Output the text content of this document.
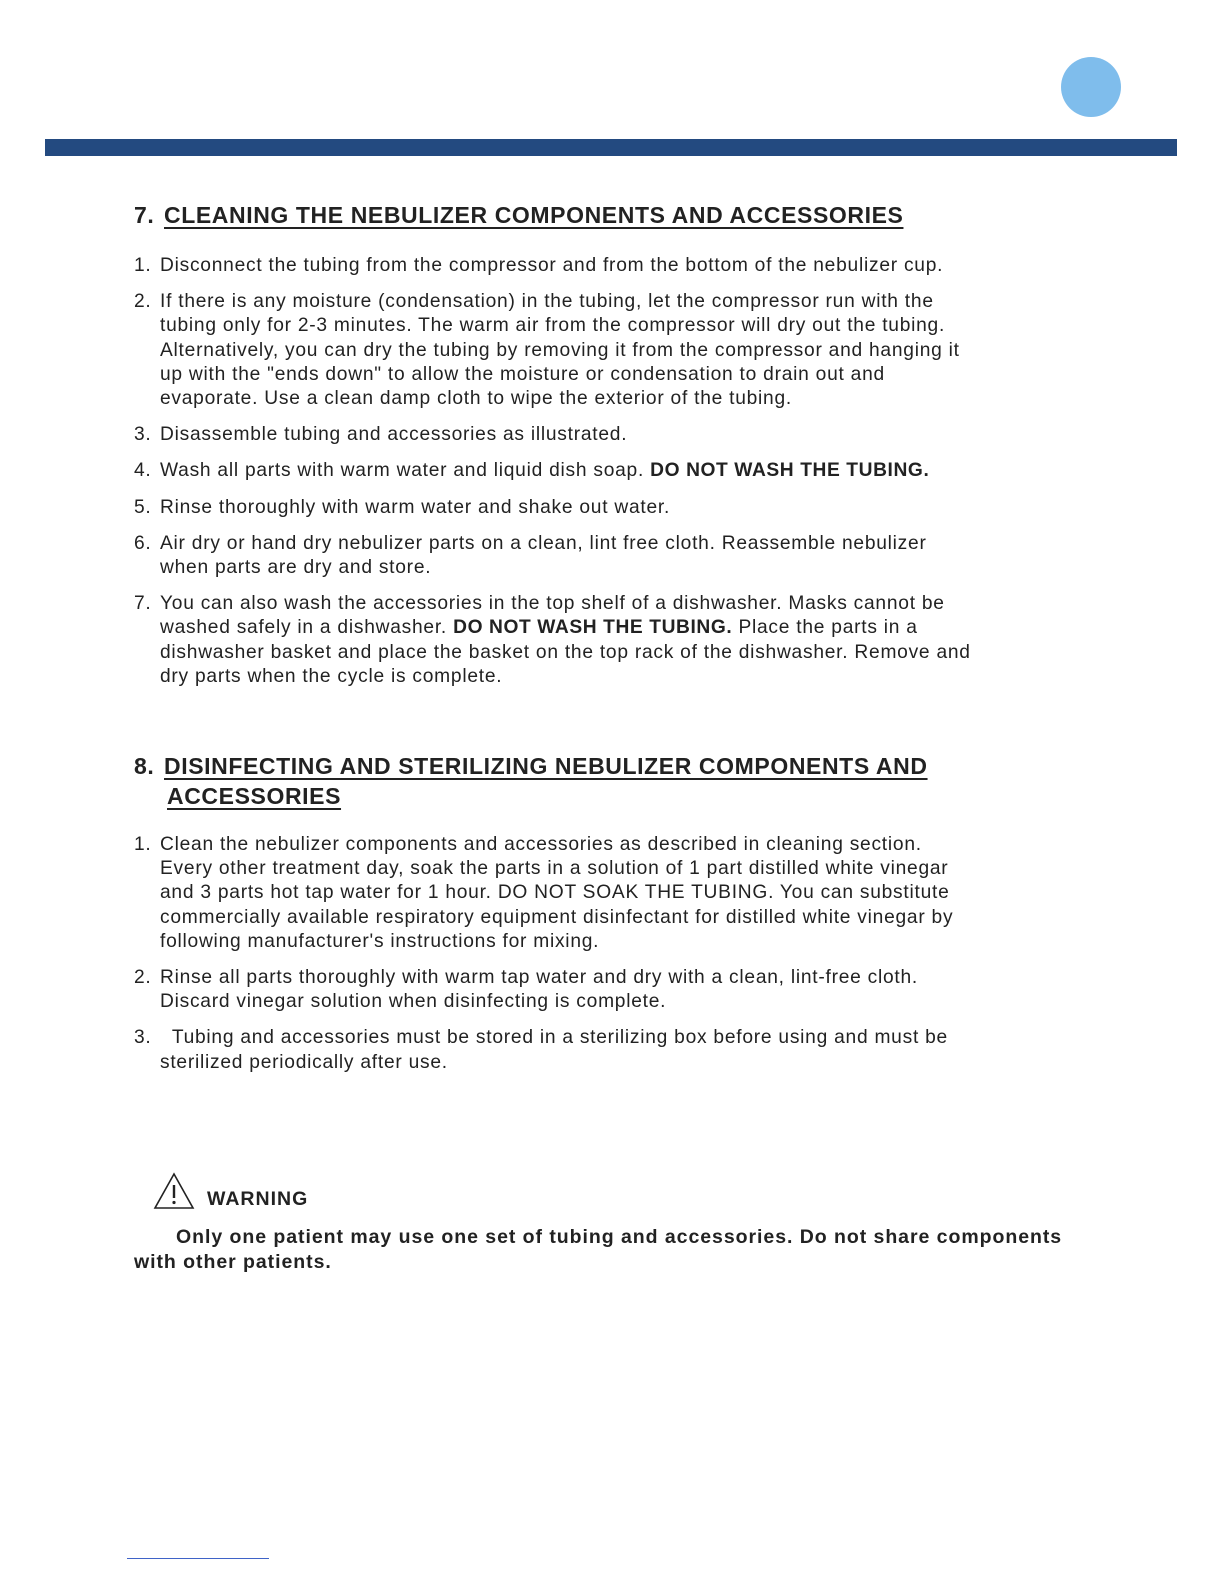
7. CLEANING THE NEBULIZER COMPONENTS AND ACCESSORIES
1. Disconnect the tubing from the compressor and from the bottom of the nebulizer cup.
2. If there is any moisture (condensation) in the tubing, let the compressor run with the
tubing only for 2-3 minutes. The warm air from the compressor will dry out the tubing.
Alternatively, you can dry the tubing by removing it from the compressor and hanging it
up with the "ends down" to allow the moisture or condensation to drain out and
evaporate. Use a clean damp cloth to wipe the exterior of the tubing.
3. Disassemble tubing and accessories as illustrated.
4. Wash all parts with warm water and liquid dish soap. DO NOT WASH THE TUBING.
5. Rinse thoroughly with warm water and shake out water.
6. Air dry or hand dry nebulizer parts on a clean, lint free cloth. Reassemble nebulizer
when parts are dry and store.
7. You can also wash the accessories in the top shelf of a dishwasher. Masks cannot be
washed safely in a dishwasher. DO NOT WASH THE TUBING. Place the parts in a
dishwasher basket and place the basket on the top rack of the dishwasher. Remove and
dry parts when the cycle is complete.
8. DISINFECTING AND STERILIZING NEBULIZER COMPONENTS AND
ACCESSORIES
1. Clean the nebulizer components and accessories as described in cleaning section.
Every other treatment day, soak the parts in a solution of 1 part distilled white vinegar
and 3 parts hot tap water for 1 hour. DO NOT SOAK THE TUBING. You can substitute
commercially available respiratory equipment disinfectant for distilled white vinegar by
following manufacturer's instructions for mixing.
2. Rinse all parts thoroughly with warm tap water and dry with a clean, lint-free cloth.
Discard vinegar solution when disinfecting is complete.
3. Tubing and accessories must be stored in a sterilizing box before using and must be
sterilized periodically after use.
WARNING

Only one patient may use one set of tubing and accessories. Do not share components with other patients.
